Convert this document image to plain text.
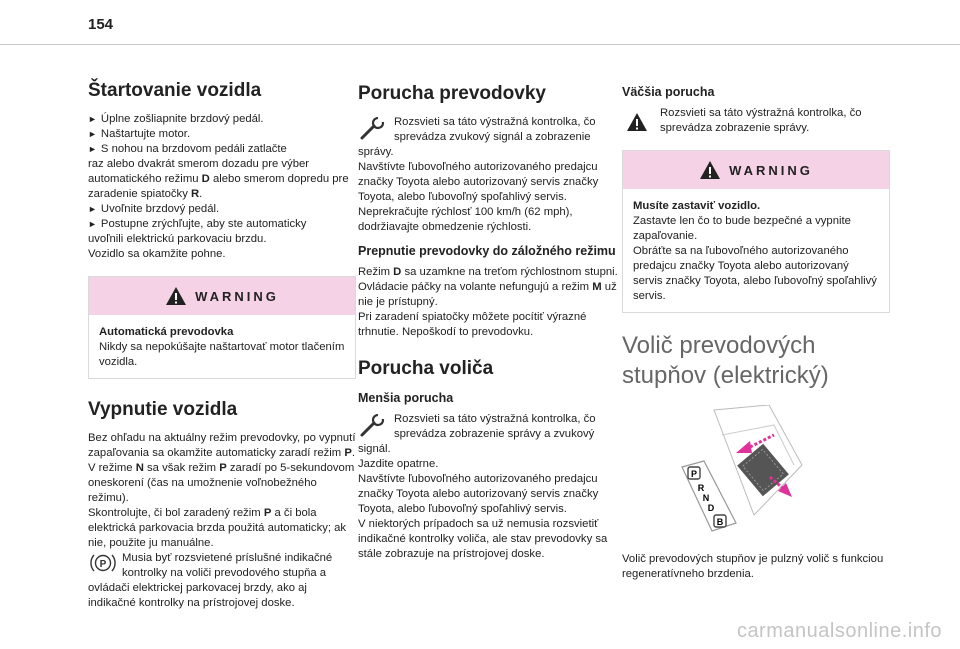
154
Štartovanie vozidla

► Úplne zošliapnite brzdový pedál.

► Naštartujte motor.

► S nohou na brzdovom pedáli zatlačte

raz alebo dvakrát smerom dozadu pre výber automatického režimu D alebo smerom dopredu pre zaradenie spiatočky R.

► Uvoľnite brzdový pedál.

► Postupne zrýchľujte, aby ste automaticky

uvoľnili elektrickú parkovaciu brzdu.

Vozidlo sa okamžite pohne.

WARNING

Automatická prevodovka

Nikdy sa nepokúšajte naštartovať motor tlačením vozidla.

Vypnutie vozidla

Bez ohľadu na aktuálny režim prevodovky, po vypnutí zapaľovania sa okamžite automaticky zaradí režim P.

V režime N sa však režim P zaradí po 5-sekundovom oneskorení (čas na umožnenie voľnobežného režimu).

Skontrolujte, či bol zaradený režim P a či bola elektrická parkovacia brzda použitá automaticky; ak nie, použite ju manuálne.

P

Musia byť rozsvietené príslušné indikačné kontrolky na voliči prevodového stupňa a ovládači elektrickej parkovacej brzdy, ako aj indikačné kontrolky na prístrojovej doske.

Porucha prevodovky

Rozsvieti sa táto výstražná kontrolka, čo sprevádza zvukový signál a zobrazenie správy.

Navštívte ľubovoľného autorizovaného predajcu značky Toyota alebo autorizovaný servis značky Toyota, alebo ľubovoľný spoľahlivý servis.

Neprekračujte rýchlosť 100 km/h (62 mph), dodržiavajte obmedzenie rýchlosti.

Prepnutie prevodovky do záložného režimu

Režim D sa uzamkne na treťom rýchlostnom stupni.

Ovládacie páčky na volante nefungujú a režim M už nie je prístupný.

Pri zaradení spiatočky môžete pocítiť výrazné trhnutie. Nepoškodí to prevodovku.

Porucha voliča
Menšia porucha

Rozsvieti sa táto výstražná kontrolka, čo sprevádza zobrazenie správy a zvukový signál.

Jazdite opatrne.

Navštívte ľubovoľného autorizovaného predajcu značky Toyota alebo autorizovaný servis značky Toyota, alebo ľubovoľný spoľahlivý servis.

V niektorých prípadoch sa už nemusia rozsvietiť indikačné kontrolky voliča, ale stav prevodovky sa stále zobrazuje na prístrojovej doske.

Väčšia porucha

Rozsvieti sa táto výstražná kontrolka, čo sprevádza zobrazenie správy.

WARNING

Musíte zastaviť vozidlo.

Zastavte len čo to bude bezpečné a vypnite zapaľovanie.

Obráťte sa na ľubovoľného autorizovaného predajcu značky Toyota alebo autorizovaný servis značky Toyota, alebo ľubovoľný spoľahlivý servis.

Volič prevodových stupňov (elektrický)
P
R
N
D
B

Volič prevodových stupňov je pulzný volič s funkciou regeneratívneho brzdenia.

carmanualsonline.info
